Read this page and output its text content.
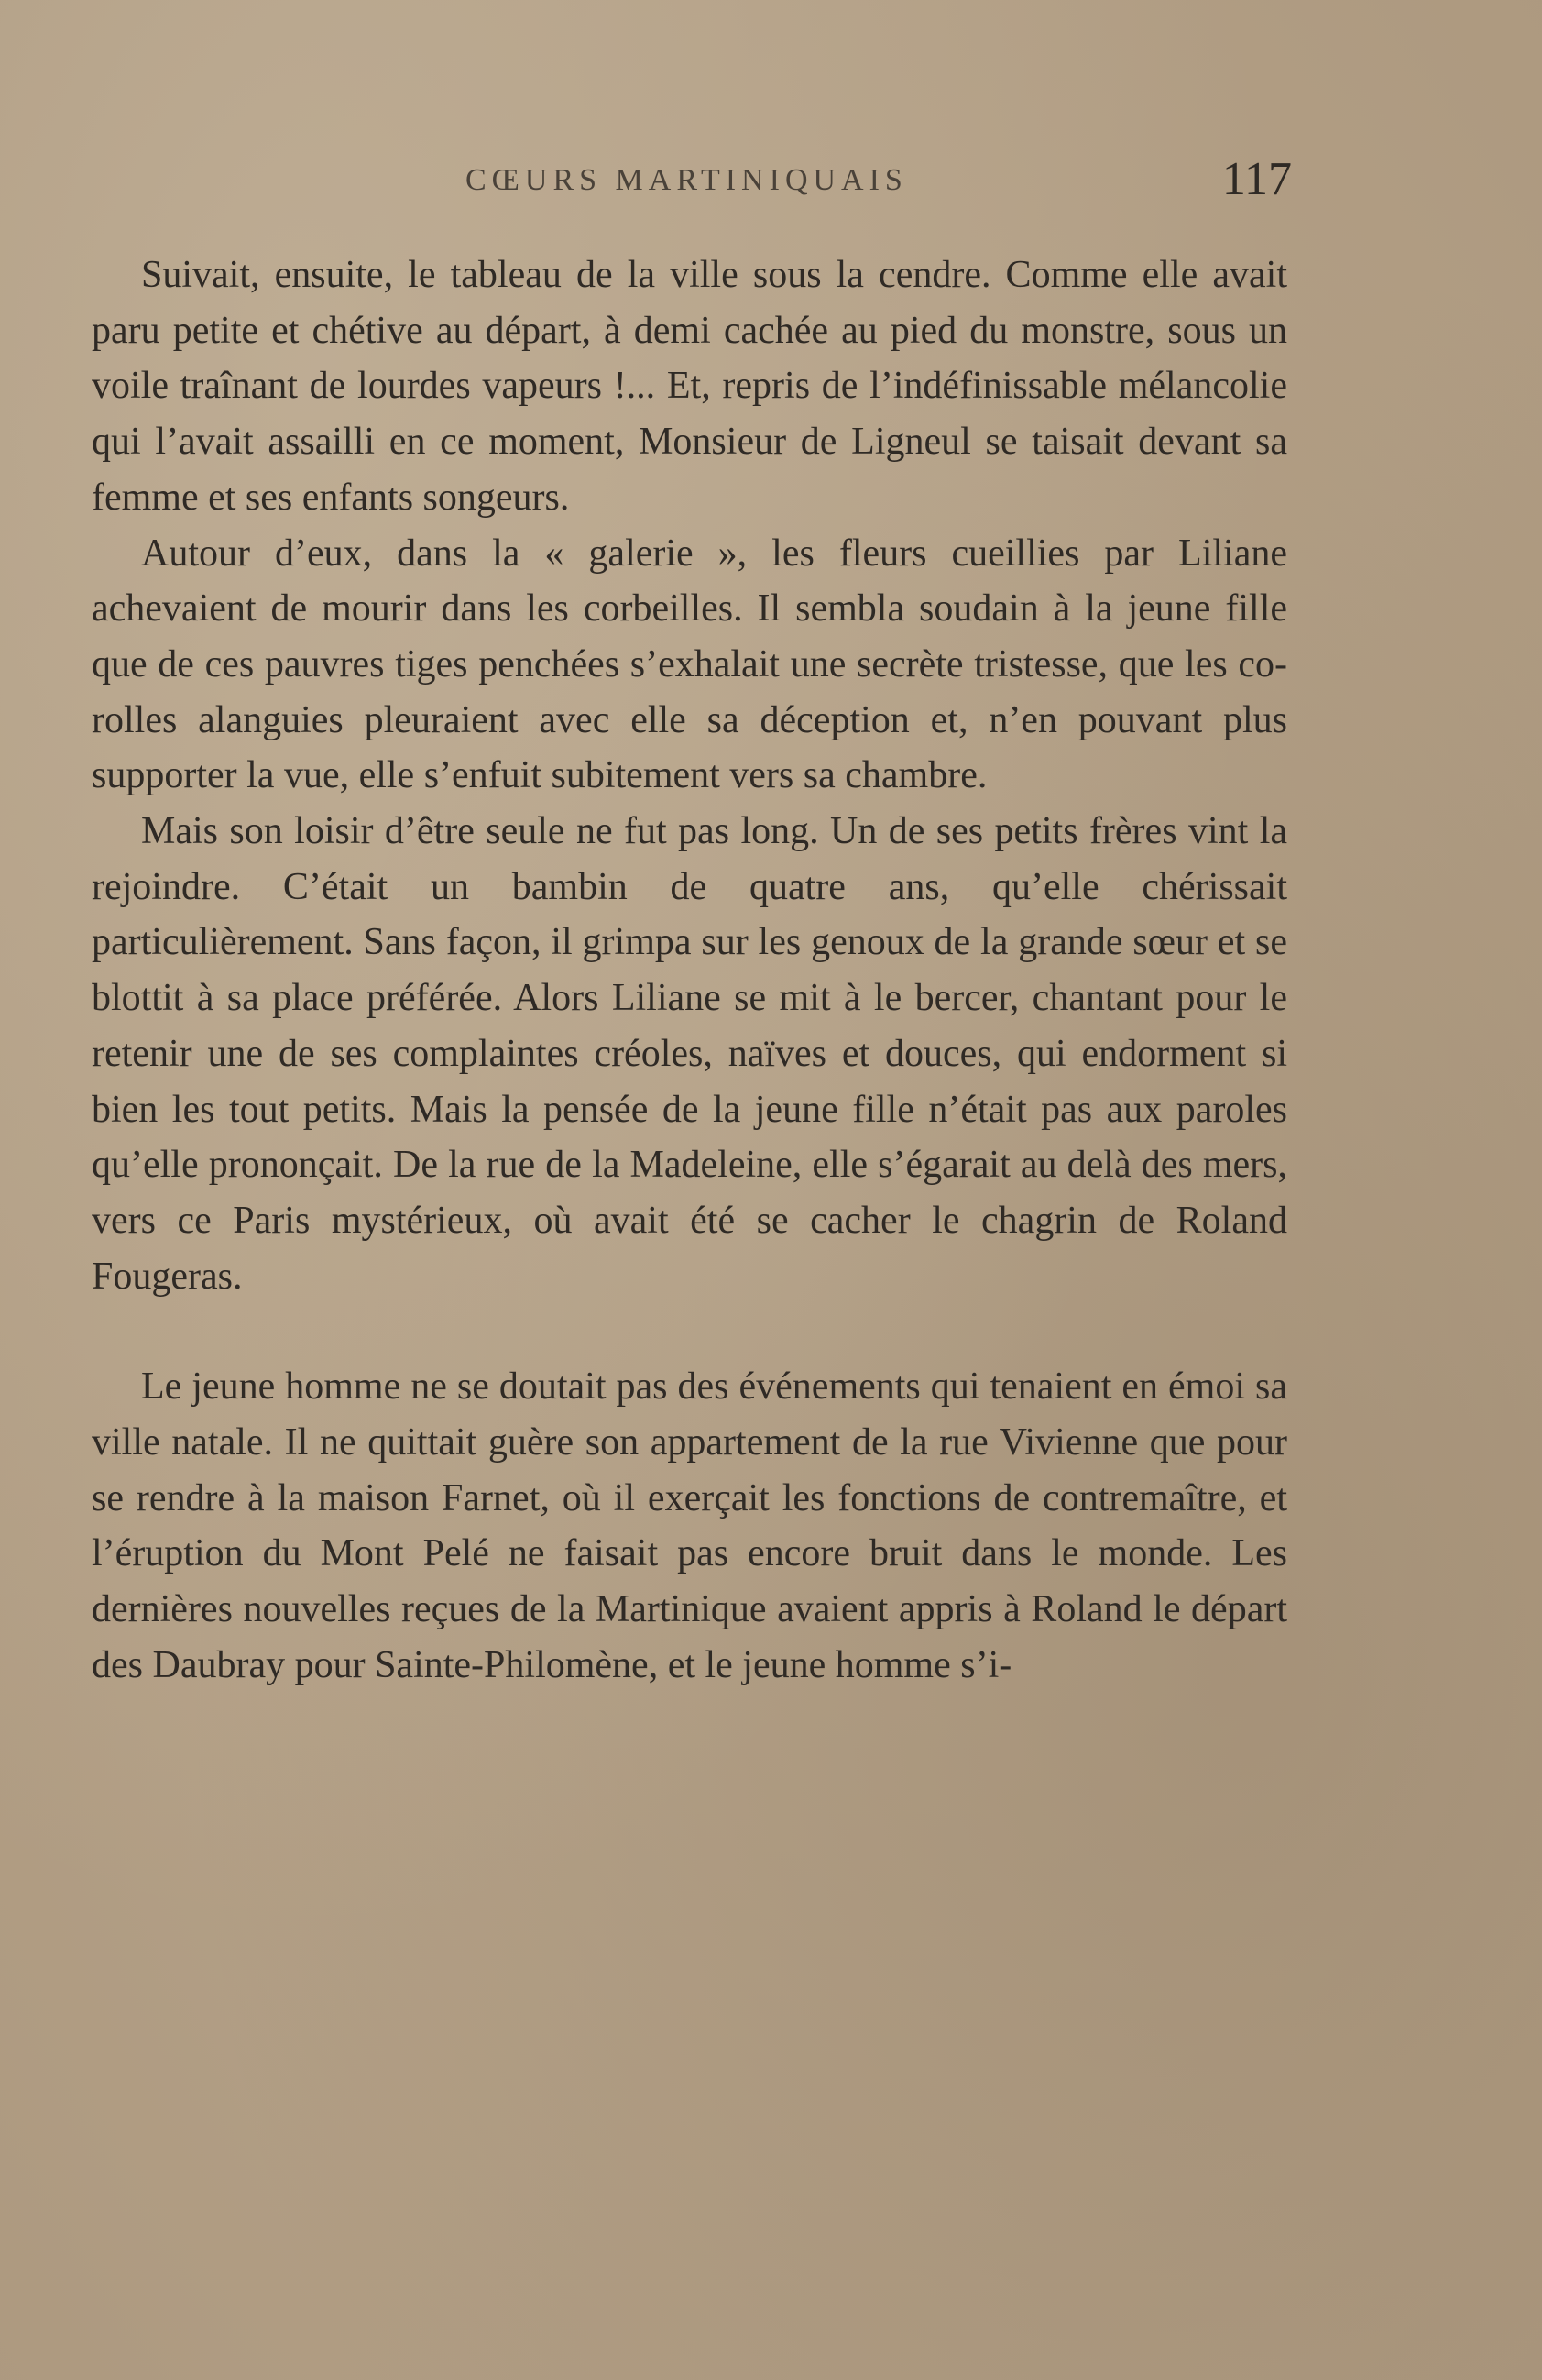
CŒURS MARTINIQUAIS	117

Suivait, ensuite, le tableau de la ville sous la cendre. Comme elle avait paru petite et chétive au départ, à demi cachée au pied du monstre, sous un voile traînant de lourdes vapeurs !... Et, repris de l’indéfinissable mélancolie qui l’avait assailli en ce moment, Monsieur de Ligneul se taisait devant sa femme et ses enfants songeurs.

Autour d’eux, dans la « galerie », les fleurs cueillies par Liliane achevaient de mourir dans les corbeilles. Il sembla soudain à la jeune fille que de ces pauvres tiges penchées s’exhalait une secrète tristesse, que les corolles alanguies pleuraient avec elle sa déception et, n’en pouvant plus supporter la vue, elle s’enfuit subitement vers sa chambre.

Mais son loisir d’être seule ne fut pas long. Un de ses petits frères vint la rejoindre. C’était un bambin de quatre ans, qu’elle chérissait particulièrement. Sans façon, il grimpa sur les genoux de la grande sœur et se blottit à sa place préférée. Alors Liliane se mit à le bercer, chantant pour le retenir une de ses complaintes créoles, naïves et douces, qui endorment si bien les tout petits. Mais la pensée de la jeune fille n’était pas aux paroles qu’elle prononçait. De la rue de la Madeleine, elle s’égarait au delà des mers, vers ce Paris mystérieux, où avait été se cacher le chagrin de Roland Fougeras.

Le jeune homme ne se doutait pas des événements qui tenaient en émoi sa ville natale. Il ne quittait guère son appartement de la rue Vivienne que pour se rendre à la maison Farnet, où il exerçait les fonctions de contremaître, et l’éruption du Mont Pelé ne faisait pas encore bruit dans le monde. Les dernières nouvelles reçues de la Martinique avaient appris à Roland le départ des Daubray pour Sainte-Philomène, et le jeune homme s’i-
